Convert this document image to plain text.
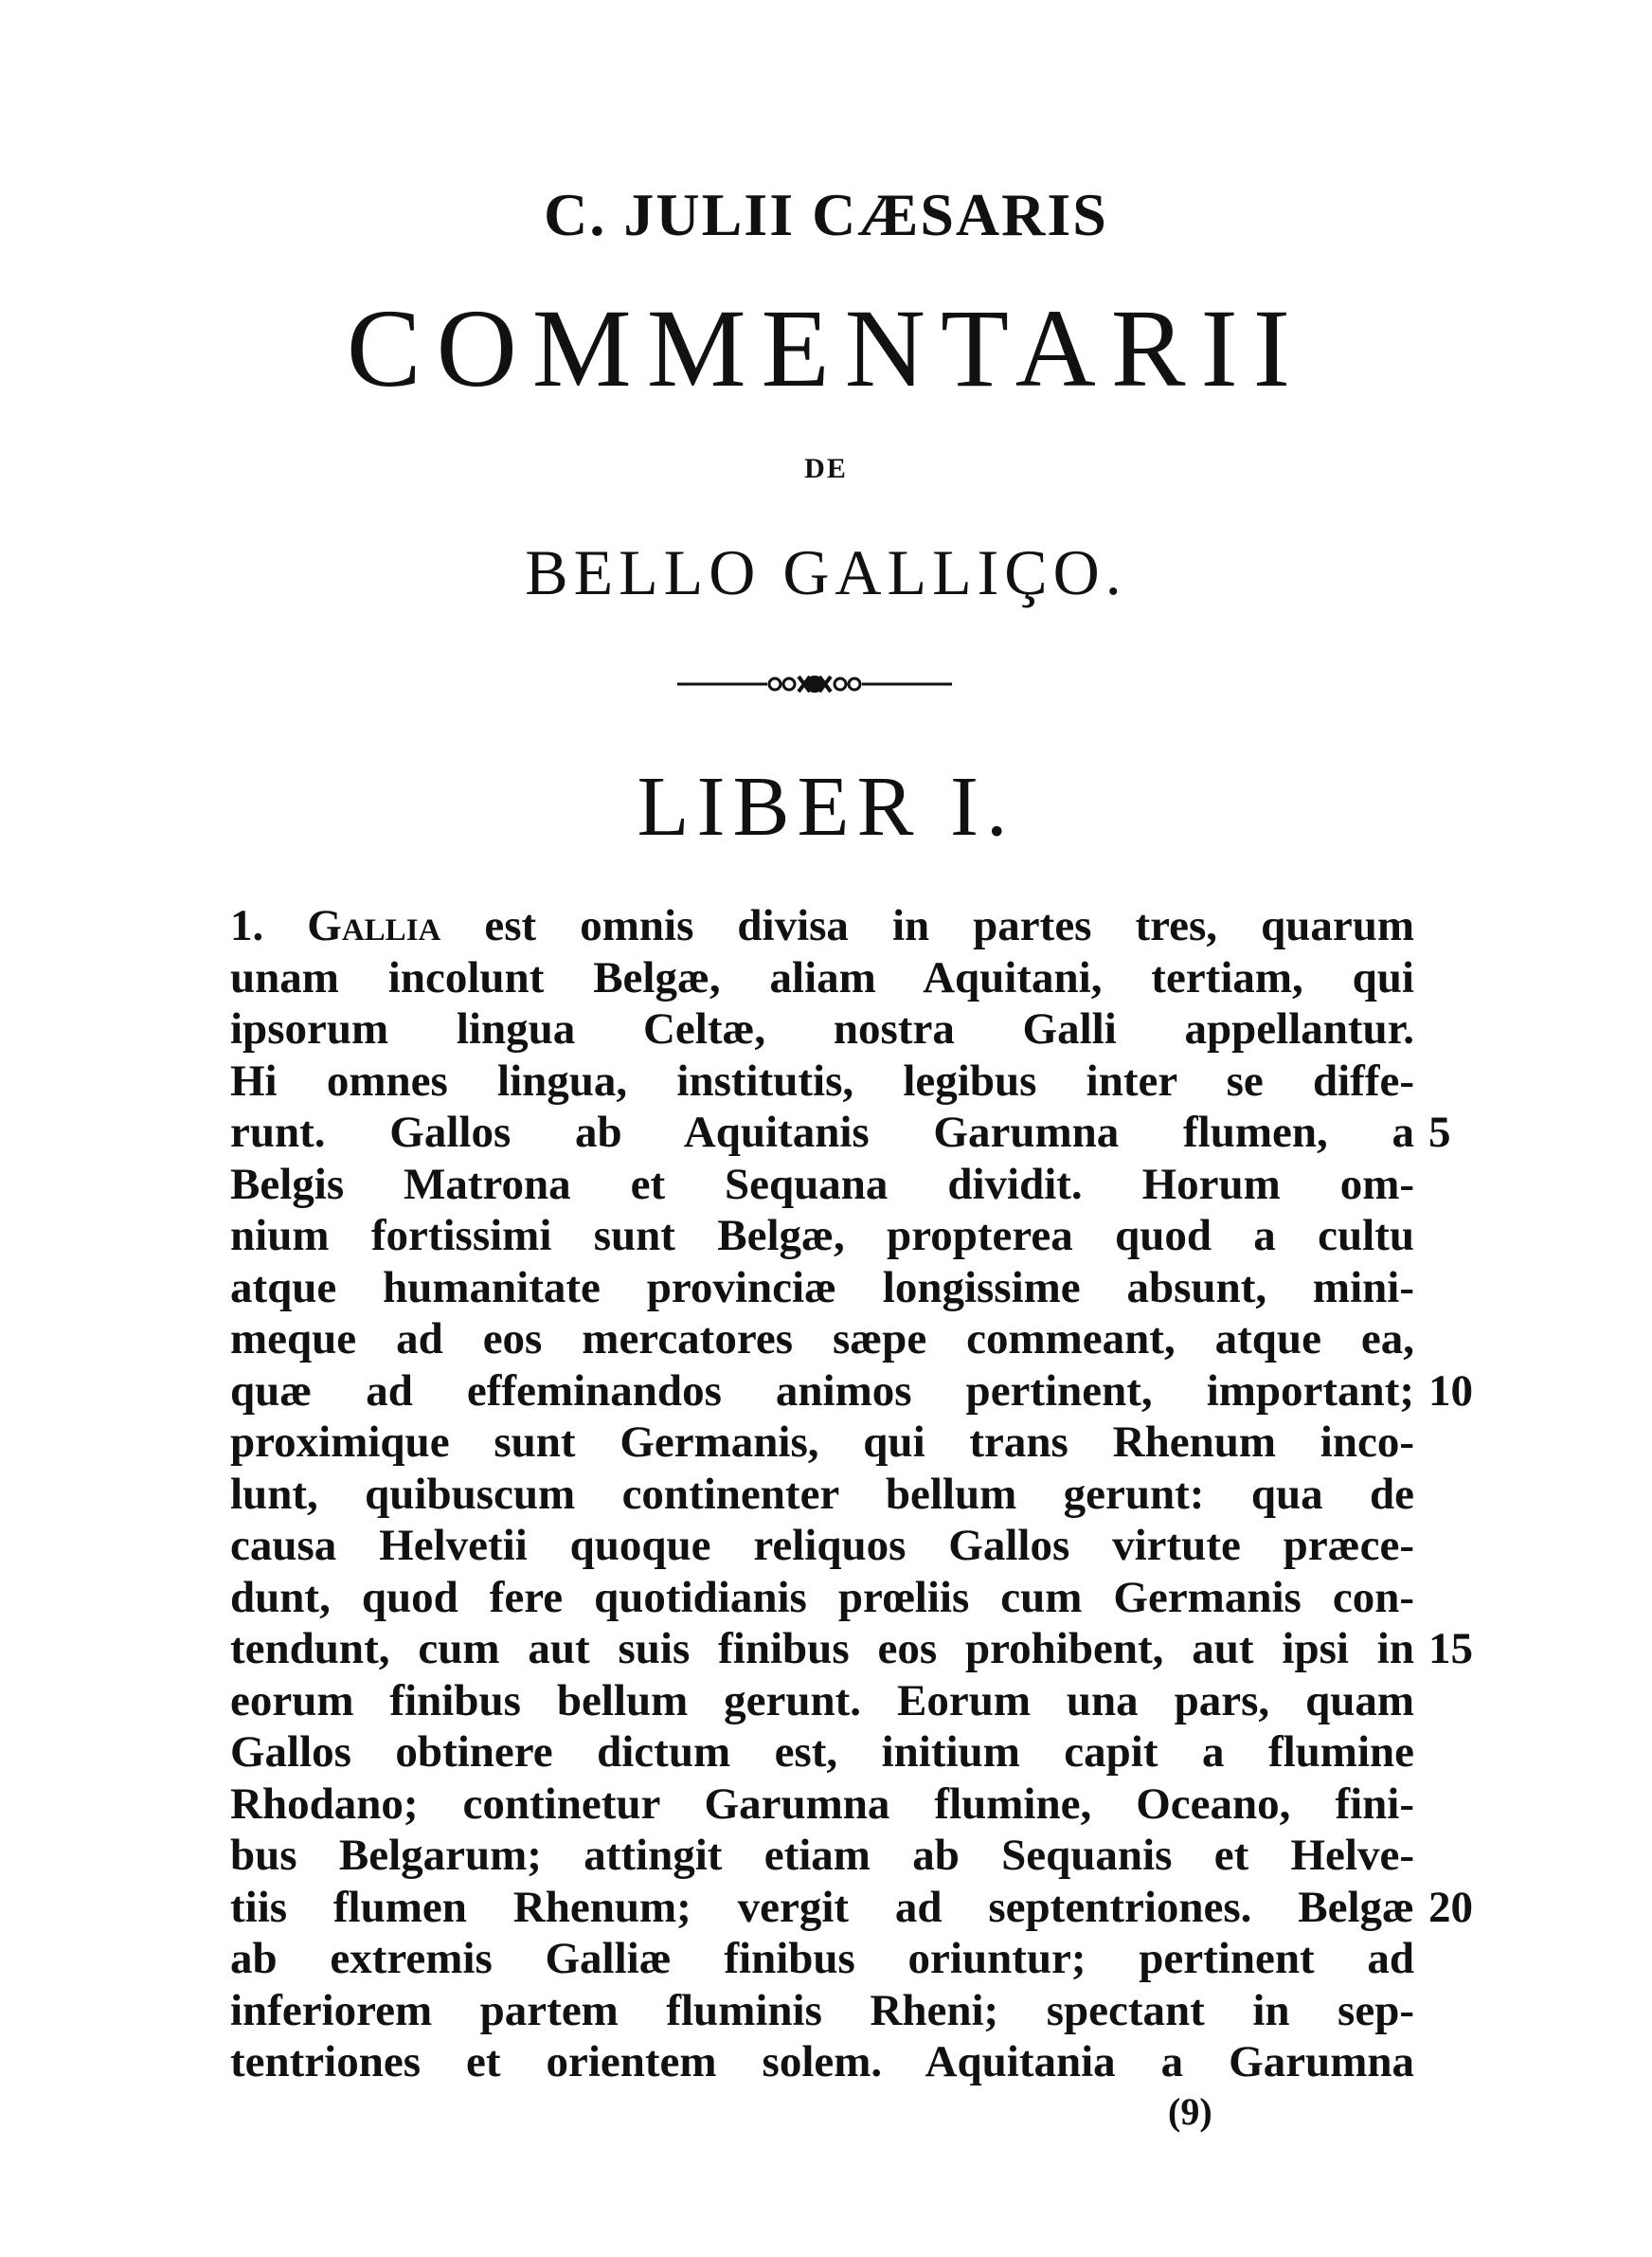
C. JULII CÆSARIS
COMMENTARII
DE
BELLO GALLIÇO.
LIBER I.
1. Gallia est omnis divisa in partes tres, quarum
unam incolunt Belgæ, aliam Aquitani, tertiam, qui
ipsorum lingua Celtæ, nostra Galli appellantur.
Hi omnes lingua, institutis, legibus inter se diffe-
runt. Gallos ab Aquitanis Garumna flumen, a 5
Belgis Matrona et Sequana dividit. Horum om-
nium fortissimi sunt Belgæ, propterea quod a cultu
atque humanitate provinciæ longissime absunt, mini-
meque ad eos mercatores sæpe commeant, atque ea,
quæ ad effeminandos animos pertinent, important; 10
proximique sunt Germanis, qui trans Rhenum inco-
lunt, quibuscum continenter bellum gerunt: qua de
causa Helvetii quoque reliquos Gallos virtute præce-
dunt, quod fere quotidianis prœliis cum Germanis con-
tendunt, cum aut suis finibus eos prohibent, aut ipsi in 15
eorum finibus bellum gerunt. Eorum una pars, quam
Gallos obtinere dictum est, initium capit a flumine
Rhodano; continetur Garumna flumine, Oceano, fini-
bus Belgarum; attingit etiam ab Sequanis et Helve-
tiis flumen Rhenum; vergit ad septentriones. Belgæ 20
ab extremis Galliæ finibus oriuntur; pertinent ad
inferiorem partem fluminis Rheni; spectant in sep-
tentriones et orientem solem. Aquitania a Garumna
(9)
